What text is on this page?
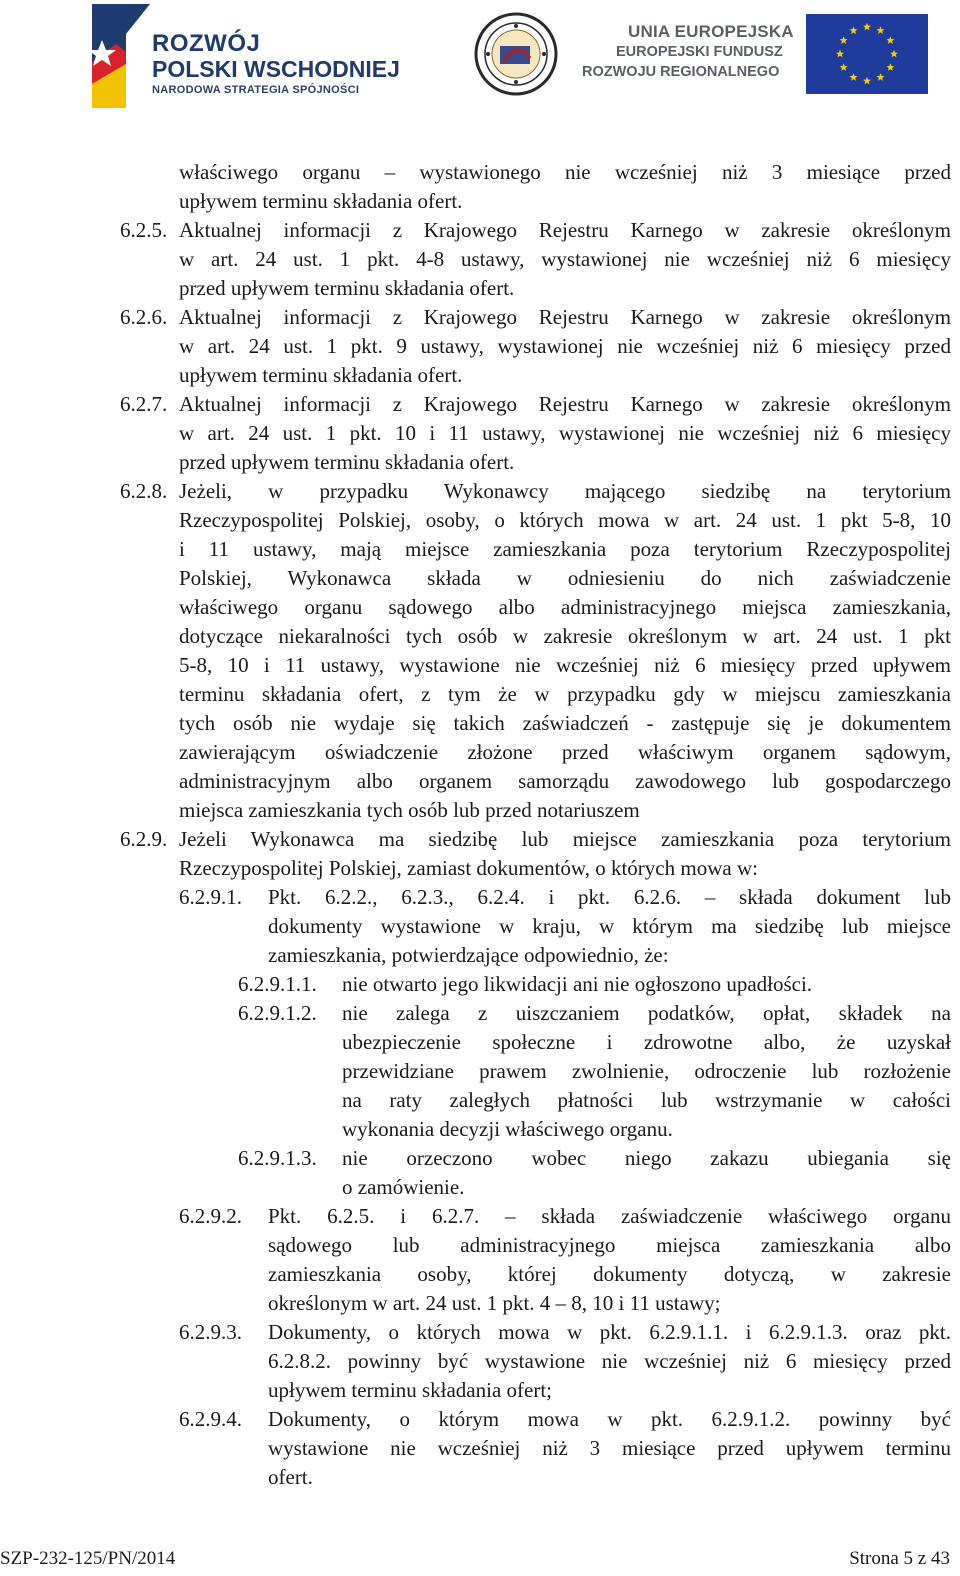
ROZWÓJ
POLSKI WSCHODNIEJ
NARODOWA STRATEGIA SPÓJNOŚCI
UNIA EUROPEJSKA
EUROPEJSKI FUNDUSZ
ROZWOJU REGIONALNEGO
właściwego organu – wystawionego nie wcześniej niż 3 miesiące przed
upływem terminu składania ofert.
6.2.5. Aktualnej informacji z Krajowego Rejestru Karnego w zakresie określonym
w art. 24 ust. 1 pkt. 4-8 ustawy, wystawionej nie wcześniej niż 6 miesięcy
przed upływem terminu składania ofert.
6.2.6. Aktualnej informacji z Krajowego Rejestru Karnego w zakresie określonym
w art. 24 ust. 1 pkt. 9 ustawy, wystawionej nie wcześniej niż 6 miesięcy przed
upływem terminu składania ofert.
6.2.7. Aktualnej informacji z Krajowego Rejestru Karnego w zakresie określonym
w art. 24 ust. 1 pkt. 10 i 11 ustawy, wystawionej nie wcześniej niż 6 miesięcy
przed upływem terminu składania ofert.
6.2.8. Jeżeli, w przypadku Wykonawcy mającego siedzibę na terytorium
Rzeczypospolitej Polskiej, osoby, o których mowa w art. 24 ust. 1 pkt 5-8, 10
i 11 ustawy, mają miejsce zamieszkania poza terytorium Rzeczypospolitej
Polskiej, Wykonawca składa w odniesieniu do nich zaświadczenie
właściwego organu sądowego albo administracyjnego miejsca zamieszkania,
dotyczące niekaralności tych osób w zakresie określonym w art. 24 ust. 1 pkt
5-8, 10 i 11 ustawy, wystawione nie wcześniej niż 6 miesięcy przed upływem
terminu składania ofert, z tym że w przypadku gdy w miejscu zamieszkania
tych osób nie wydaje się takich zaświadczeń - zastępuje się je dokumentem
zawierającym oświadczenie złożone przed właściwym organem sądowym,
administracyjnym albo organem samorządu zawodowego lub gospodarczego
miejsca zamieszkania tych osób lub przed notariuszem
6.2.9. Jeżeli Wykonawca ma siedzibę lub miejsce zamieszkania poza terytorium
Rzeczypospolitej Polskiej, zamiast dokumentów, o których mowa w:
6.2.9.1. Pkt. 6.2.2., 6.2.3., 6.2.4. i pkt. 6.2.6. – składa dokument lub
dokumenty wystawione w kraju, w którym ma siedzibę lub miejsce
zamieszkania, potwierdzające odpowiednio, że:
6.2.9.1.1. nie otwarto jego likwidacji ani nie ogłoszono upadłości.
6.2.9.1.2. nie zalega z uiszczaniem podatków, opłat, składek na
ubezpieczenie społeczne i zdrowotne albo, że uzyskał
przewidziane prawem zwolnienie, odroczenie lub rozłożenie
na raty zaległych płatności lub wstrzymanie w całości
wykonania decyzji właściwego organu.
6.2.9.1.3. nie orzeczono wobec niego zakazu ubiegania się
o zamówienie.
6.2.9.2. Pkt. 6.2.5. i 6.2.7. – składa zaświadczenie właściwego organu
sądowego lub administracyjnego miejsca zamieszkania albo
zamieszkania osoby, której dokumenty dotyczą, w zakresie
określonym w art. 24 ust. 1 pkt. 4 – 8, 10 i 11 ustawy;
6.2.9.3. Dokumenty, o których mowa w pkt. 6.2.9.1.1. i 6.2.9.1.3. oraz pkt.
6.2.8.2. powinny być wystawione nie wcześniej niż 6 miesięcy przed
upływem terminu składania ofert;
6.2.9.4. Dokumenty, o którym mowa w pkt. 6.2.9.1.2. powinny być
wystawione nie wcześniej niż 3 miesiące przed upływem terminu
ofert.
SZP-232-125/PN/2014	Strona 5 z 43
